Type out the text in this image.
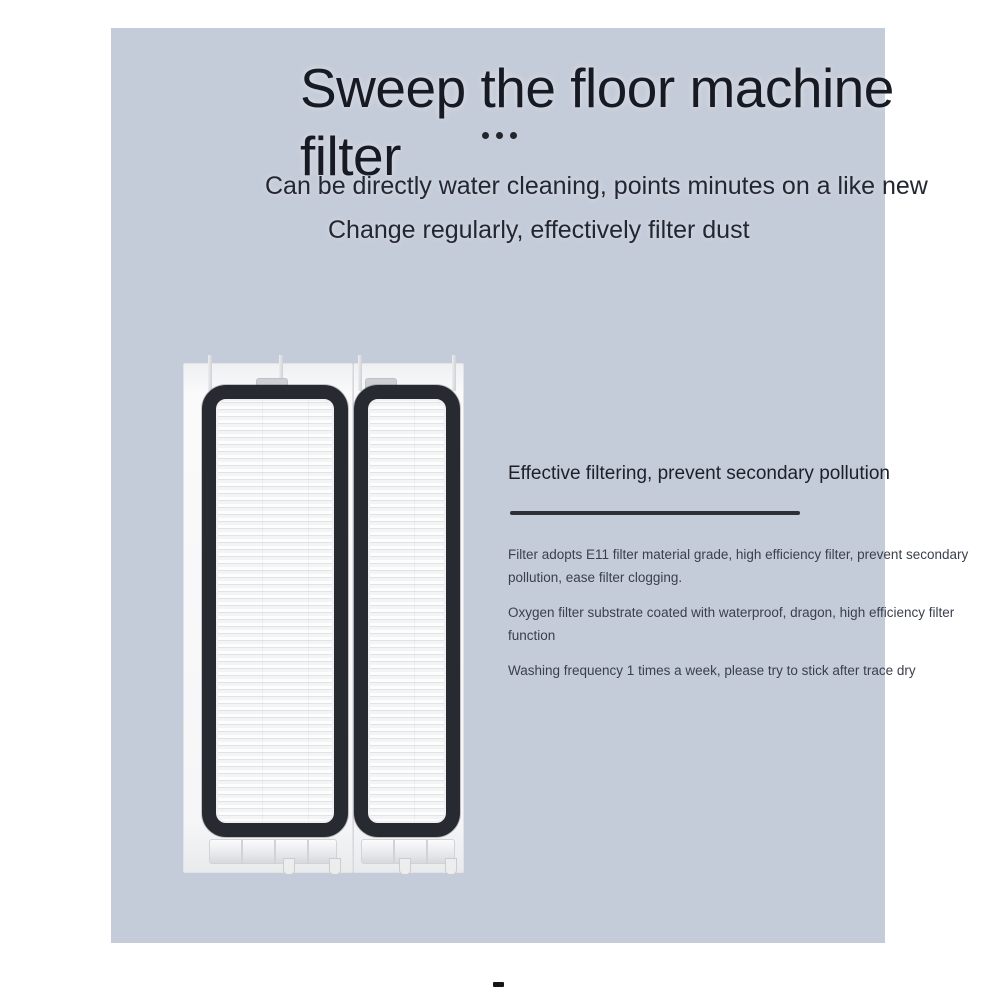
Sweep the floor machine filter
Can be directly water cleaning, points minutes on a like new
Change regularly, effectively filter dust
Effective filtering, prevent secondary pollution

Filter adopts E11 filter material grade, high efficiency filter, prevent secondary pollution, ease filter clogging.

Oxygen filter substrate coated with waterproof, dragon, high efficiency filter function

Washing frequency 1 times a week, please try to stick after trace dry
